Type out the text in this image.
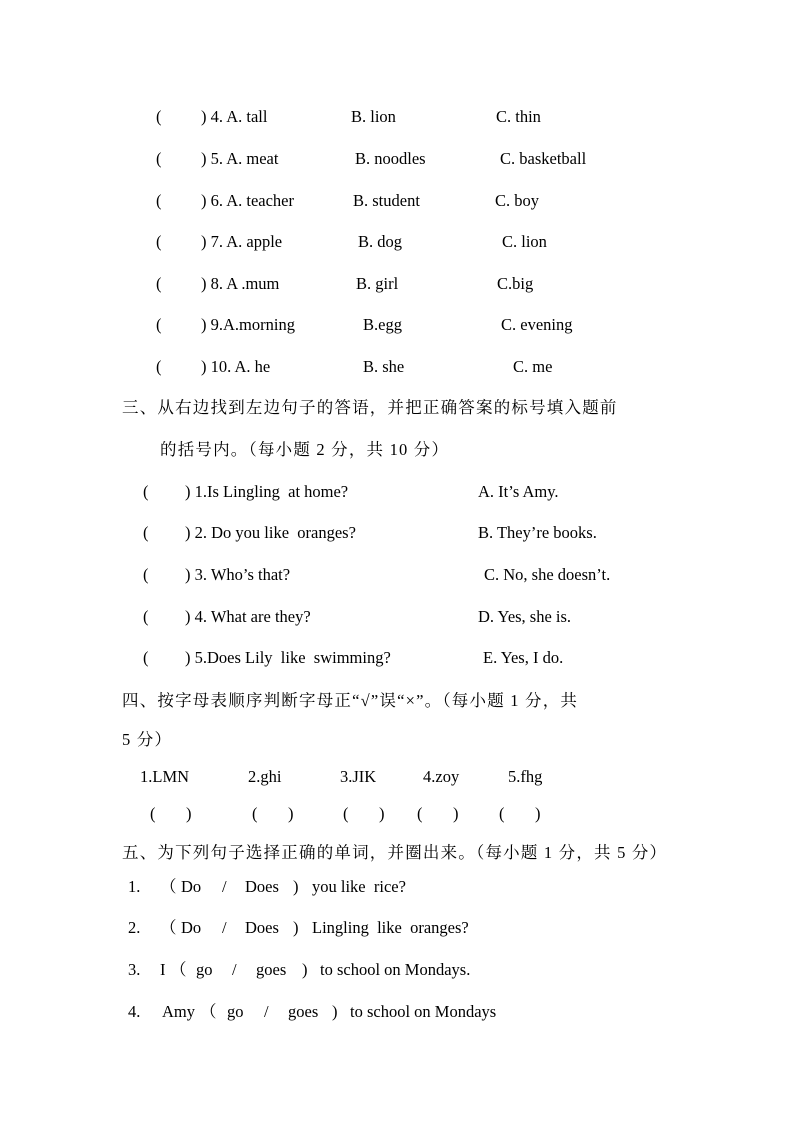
( ) 4. A. tall	B. lion	C. thin
( ) 5. A. meat	B. noodles	C. basketball
( ) 6. A. teacher	B. student	C. boy
( ) 7. A. apple	B. dog	C. lion
( ) 8. A .mum	B. girl	C.big
( ) 9.A.morning	B.egg	C. evening
( ) 10. A. he	B. she	C. me
三、从右边找到左边句子的答语，并把正确答案的标号填入题前
的括号内。（每小题 2 分，共 10 分）
( ) 1.Is Lingling  at home?	A. It’s Amy.
( ) 2. Do you like  oranges?	B. They’re books.
( ) 3. Who’s that?	C. No, she doesn’t.
( ) 4. What are they?	D. Yes, she is.
( ) 5.Does Lily  like  swimming?	E. Yes, I do.
四、按字母表顺序判断字母正“√”误“×”。（每小题 1 分，共
5 分）
1.LMN	2.ghi	3.JIK	4.zoy	5.fhg
( )	( )	( ) ( ) ( )
五、为下列句子选择正确的单词，并圈出来。（每小题 1 分，共 5 分）
1. （ Do / Does ) you like  rice?
2. （ Do / Does ) Lingling  like  oranges?
3. I （ go / goes ) to school on Mondays.
4. Amy （ go / goes ) to school on Mondays
